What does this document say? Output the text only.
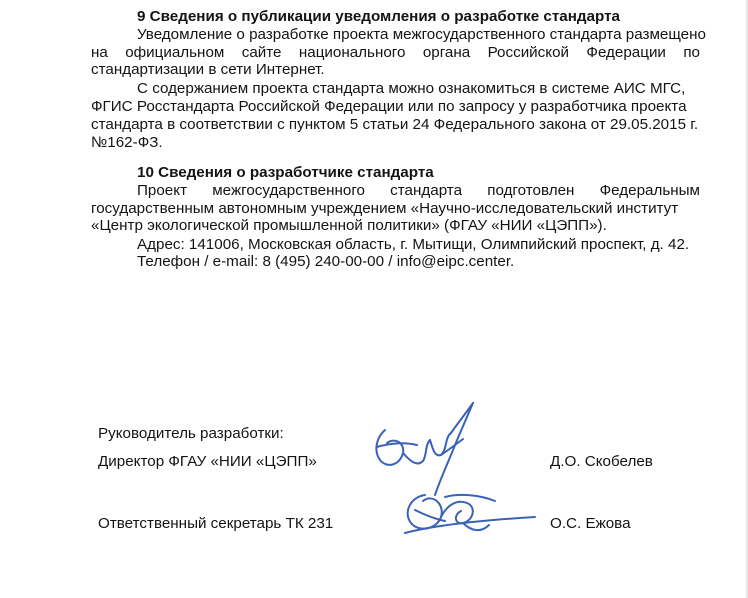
9 Сведения о публикации уведомления о разработке стандарта
Уведомление о разработке проекта межгосударственного стандарта размещено
на официальном сайте национального органа Российской Федерации по
стандартизации в сети Интернет.
С содержанием проекта стандарта можно ознакомиться в системе АИС МГС,
ФГИС Росстандарта Российской Федерации или по запросу у разработчика проекта
стандарта в соответствии с пунктом 5 статьи 24 Федерального закона от 29.05.2015 г.
№162-ФЗ.
10 Сведения о разработчике стандарта
Проект межгосударственного стандарта подготовлен Федеральным
государственным автономным учреждением «Научно-исследовательский институт
«Центр экологической промышленной политики» (ФГАУ «НИИ «ЦЭПП»).
Адрес: 141006, Московская область, г. Мытищи, Олимпийский проспект, д. 42.
Телефон / e-mail: 8 (495) 240-00-00 / info@eipc.center.
Руководитель разработки:
Директор ФГАУ «НИИ «ЦЭПП»	Д.О. Скобелев
Ответственный секретарь ТК 231	О.С. Ежова
